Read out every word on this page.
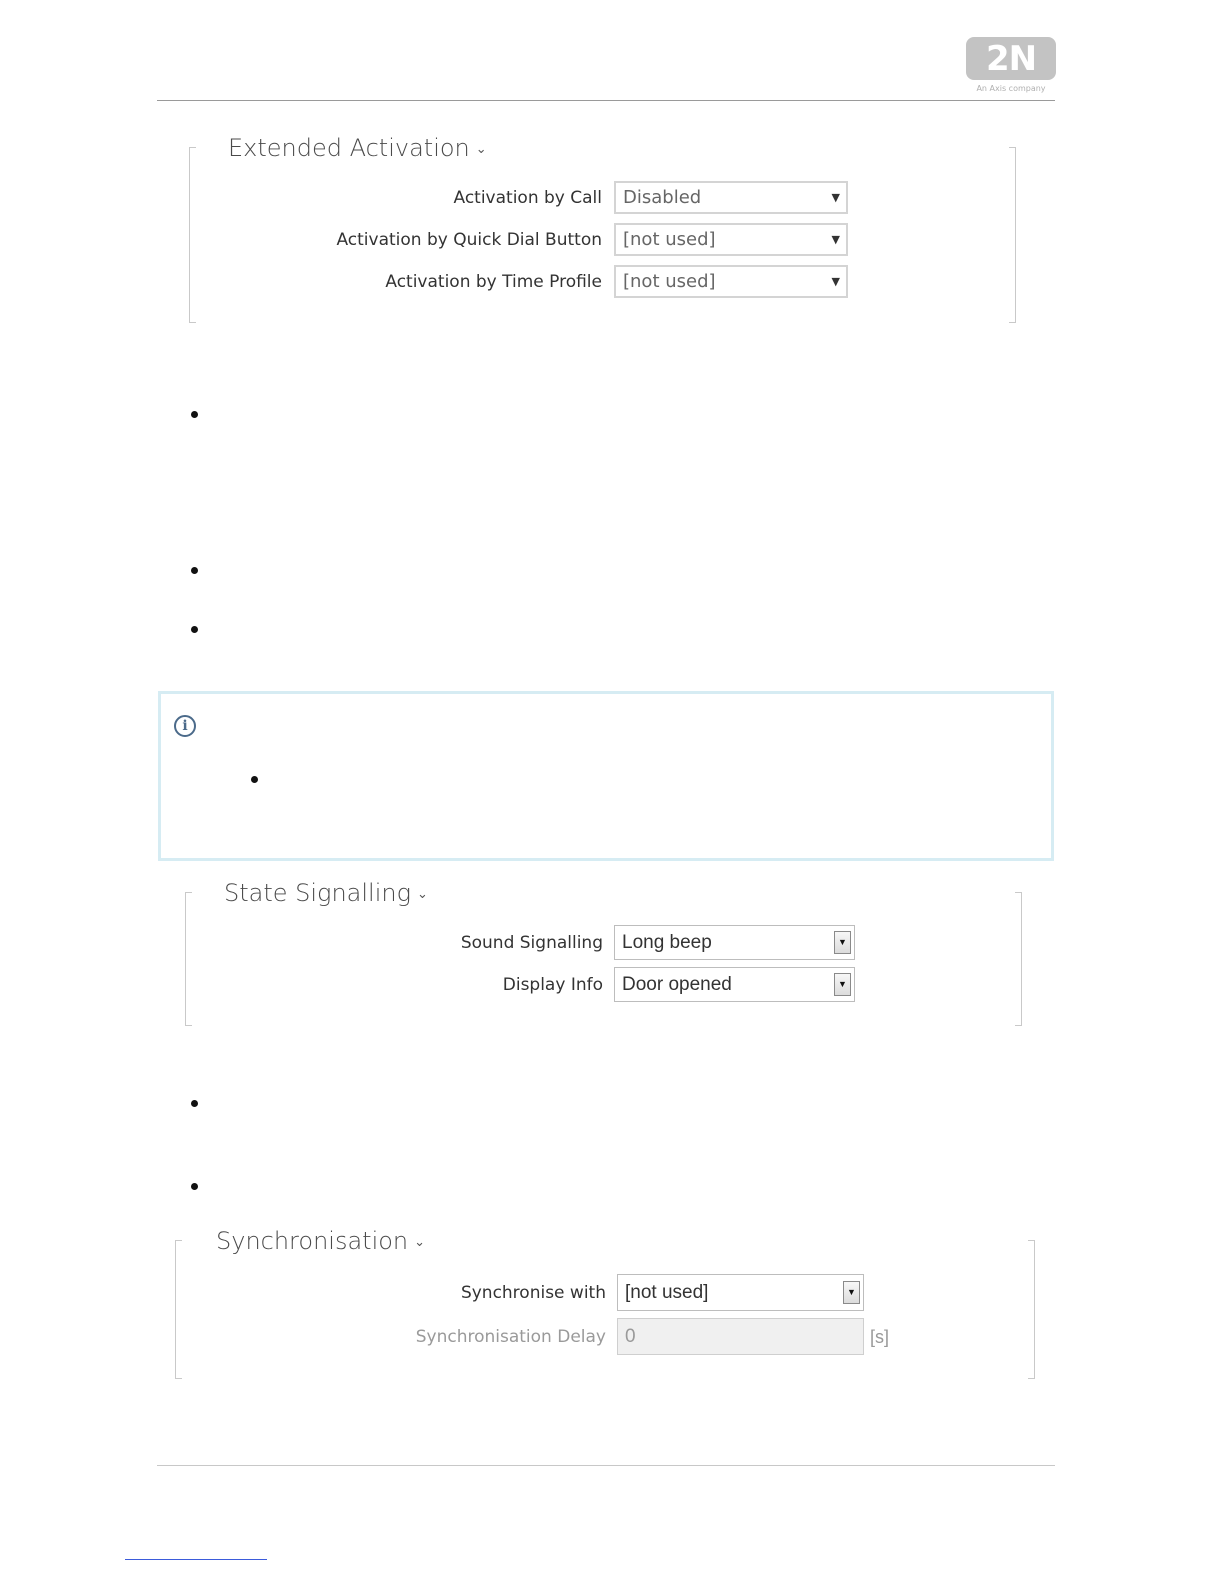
2N
An Axis company
Extended Activation ⌄
Activation by Call	Disabled	▼
Activation by Quick Dial Button	[not used]	▼
Activation by Time Profile	[not used]	▼
i
State Signalling ⌄
Sound Signalling	Long beep	▼
Display Info	Door opened	▼
Synchronisation ⌄
Synchronise with	[not used]	▼
Synchronisation Delay	0	[s]
